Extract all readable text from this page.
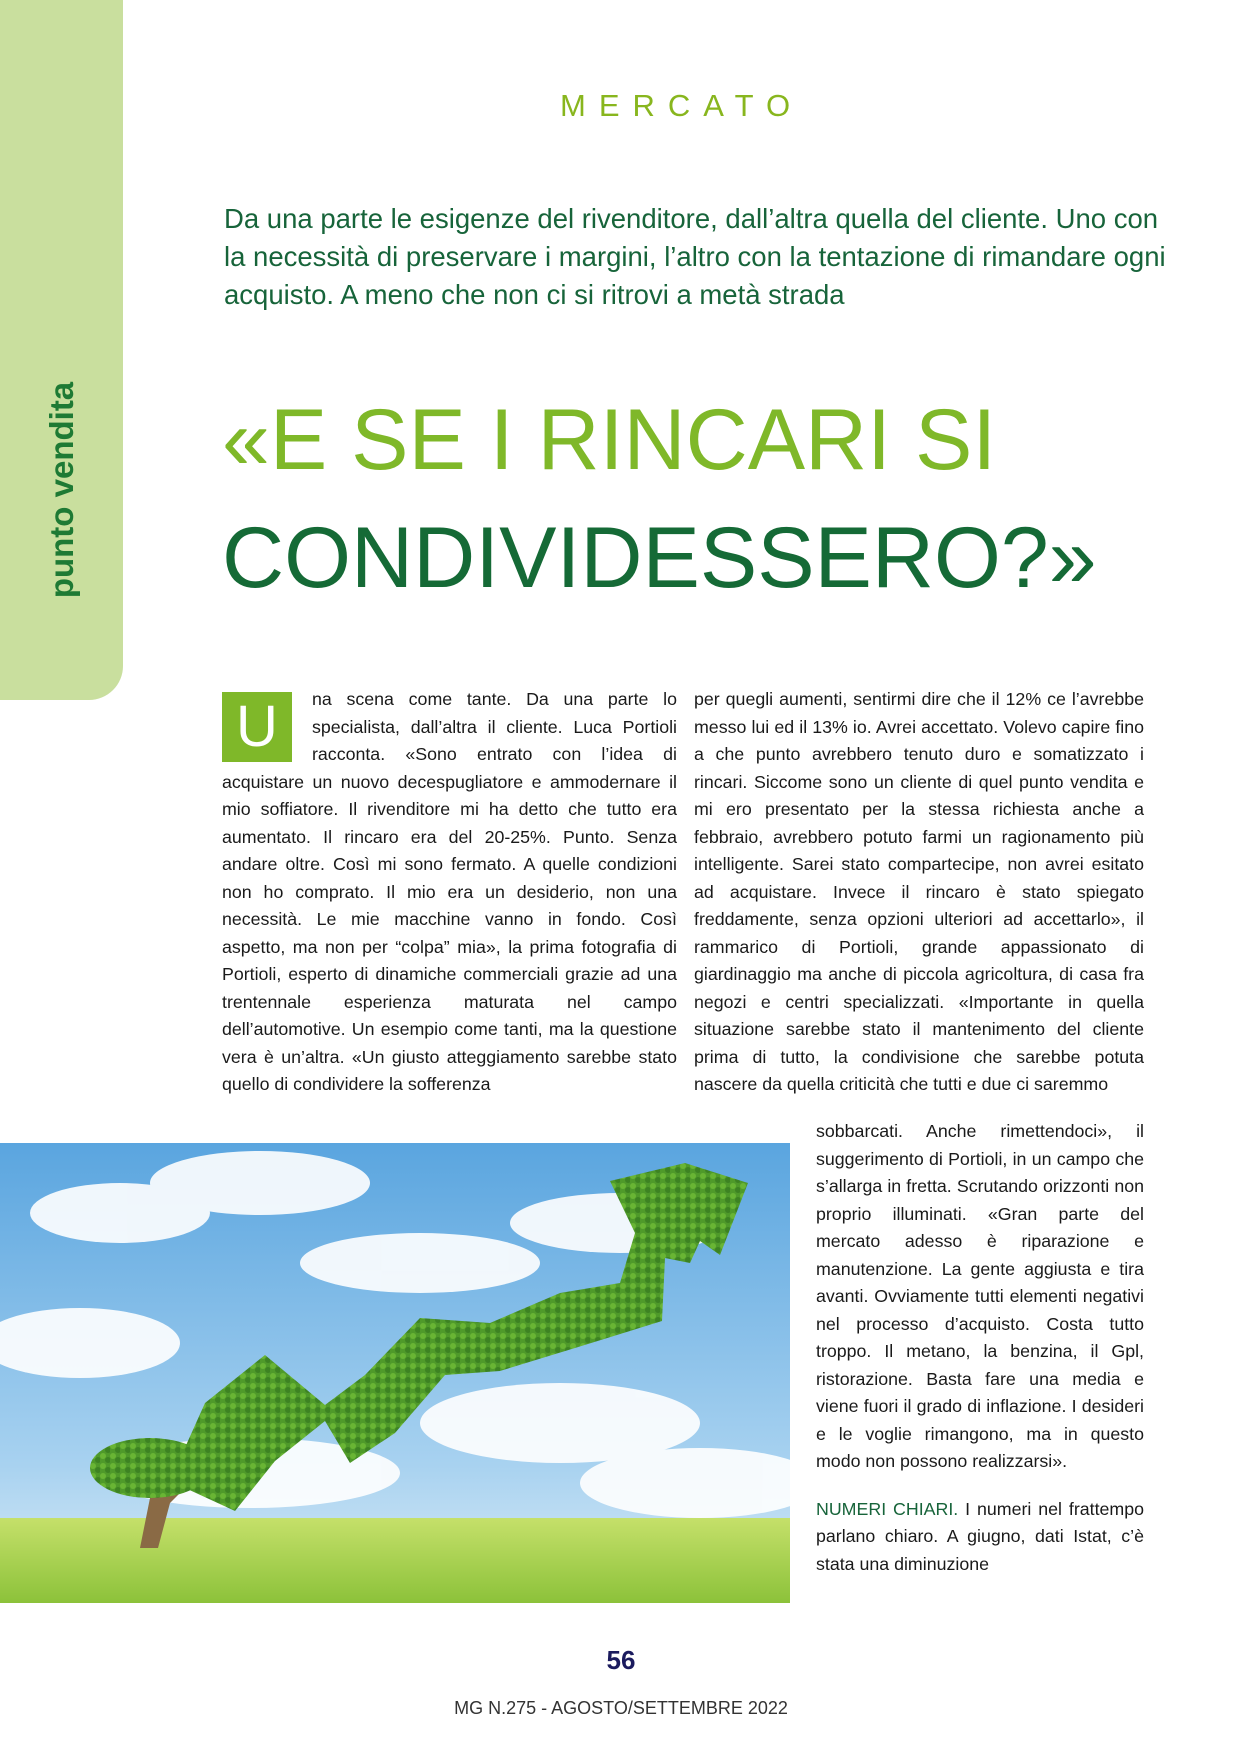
punto vendita
MERCATO
Da una parte le esigenze del rivenditore, dall’altra quella del cliente. Uno con la necessità di preservare i margini, l’altro con la tentazione di rimandare ogni acquisto. A meno che non ci si ritrovi a metà strada
«E SE I RINCARI SI
CONDIVIDESSERO?»
U	na scena come tante. Da una parte lo specialista, dall’altra il cliente. Luca Portioli racconta. «Sono entrato con l’idea di acquistare un nuovo decespugliatore e ammodernare il mio soffiatore. Il rivenditore mi ha detto che tutto era aumentato. Il rincaro era del 20-25%. Punto. Senza andare oltre. Così mi sono fermato. A quelle condizioni non ho comprato. Il mio era un desiderio, non una necessità. Le mie macchine vanno in fondo. Così aspetto, ma non per “colpa” mia», la prima fotografia di Portioli, esperto di dinamiche commerciali grazie ad una trentennale esperienza maturata nel campo dell’automotive. Un esempio come tanti, ma la questione vera è un’altra. «Un giusto atteggiamento sarebbe stato quello di condividere la sofferenza
per quegli aumenti, sentirmi dire che il 12% ce l’avrebbe messo lui ed il 13% io. Avrei accettato. Volevo capire fino a che punto avrebbero tenuto duro e somatizzato i rincari. Siccome sono un cliente di quel punto vendita e mi ero presentato per la stessa richiesta anche a febbraio, avrebbero potuto farmi un ragionamento più intelligente. Sarei stato compartecipe, non avrei esitato ad acquistare. Invece il rincaro è stato spiegato freddamente, senza opzioni ulteriori ad accettarlo», il rammarico di Portioli, grande appassionato di giardinaggio ma anche di piccola agricoltura, di casa fra negozi e centri specializzati. «Importante in quella situazione sarebbe stato il mantenimento del cliente prima di tutto, la condivisione che sarebbe potuta nascere da quella criticità che tutti e due ci saremmo

sobbarcati. Anche rimettendoci», il suggerimento di Portioli, in un campo che s’allarga in fretta. Scrutando orizzonti non proprio illuminati. «Gran parte del mercato adesso è riparazione e manutenzione. La gente aggiusta e tira avanti. Ovviamente tutti elementi negativi nel processo d’acquisto. Costa tutto troppo. Il metano, la benzina, il Gpl, ristorazione. Basta fare una media e viene fuori il grado di inflazione. I desideri e le voglie rimangono, ma in questo modo non possono realizzarsi».

NUMERI CHIARI. I numeri nel frattempo parlano chiaro. A giugno, dati Istat, c’è stata una diminuzione

56
MG N.275 - AGOSTO/SETTEMBRE 2022
